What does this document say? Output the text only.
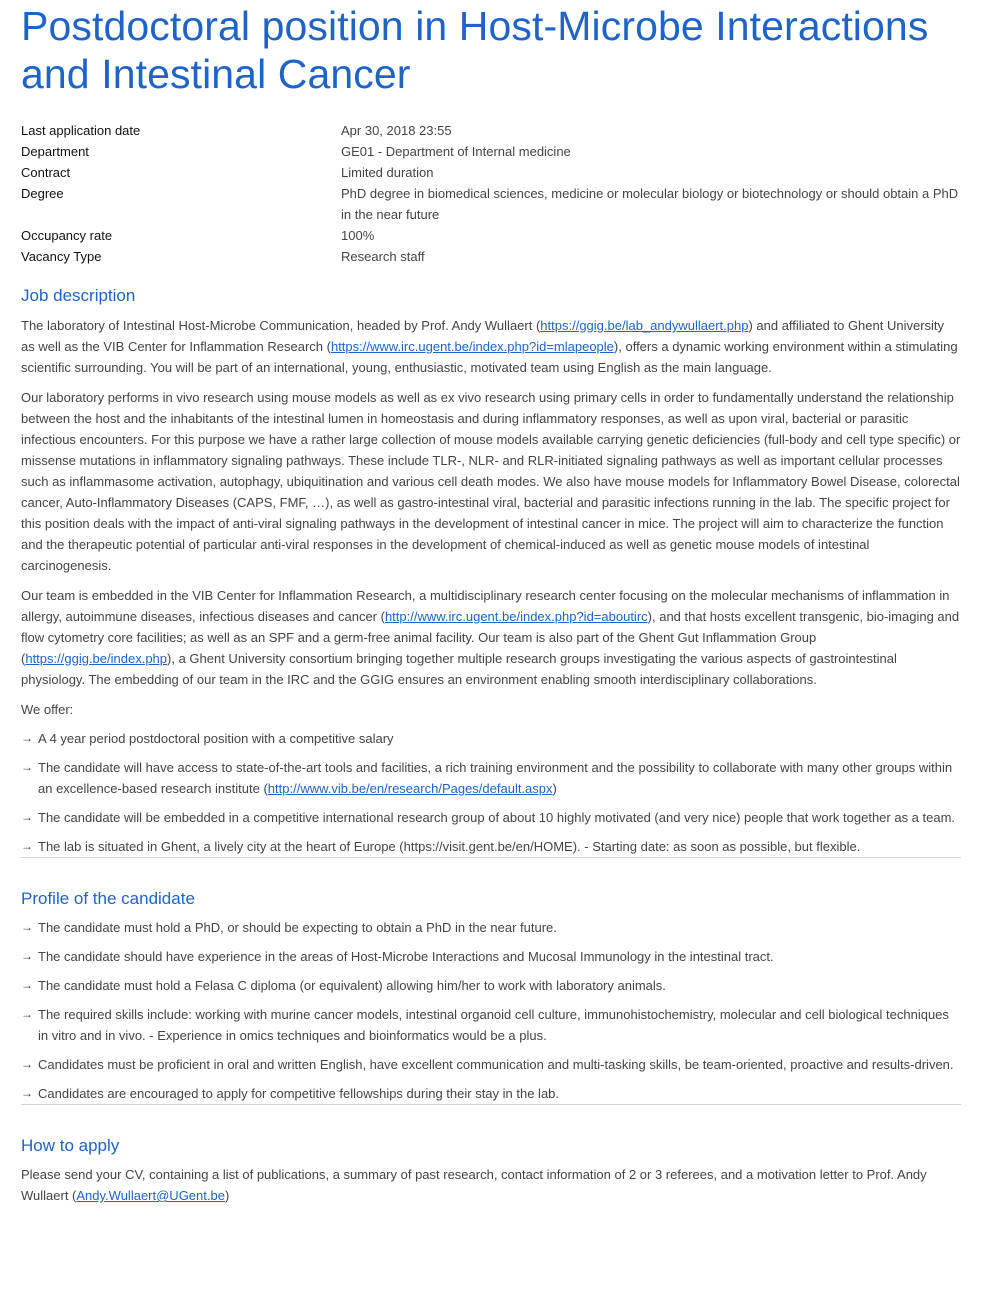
Postdoctoral position in Host-Microbe Interactions and Intestinal Cancer
Last application date	Apr 30, 2018 23:55
Department	GE01 - Department of Internal medicine
Contract	Limited duration
Degree	PhD degree in biomedical sciences, medicine or molecular biology or biotechnology or should obtain a PhD in the near future
Occupancy rate	100%
Vacancy Type	Research staff
Job description

The laboratory of Intestinal Host-Microbe Communication, headed by Prof. Andy Wullaert (https://ggig.be/lab_andywullaert.php) and affiliated to Ghent University as well as the VIB Center for Inflammation Research (https://www.irc.ugent.be/index.php?id=mlapeople), offers a dynamic working environment within a stimulating scientific surrounding. You will be part of an international, young, enthusiastic, motivated team using English as the main language.

Our laboratory performs in vivo research using mouse models as well as ex vivo research using primary cells in order to fundamentally understand the relationship between the host and the inhabitants of the intestinal lumen in homeostasis and during inflammatory responses, as well as upon viral, bacterial or parasitic infectious encounters. For this purpose we have a rather large collection of mouse models available carrying genetic deficiencies (full-body and cell type specific) or missense mutations in inflammatory signaling pathways. These include TLR-, NLR- and RLR-initiated signaling pathways as well as important cellular processes such as inflammasome activation, autophagy, ubiquitination and various cell death modes. We also have mouse models for Inflammatory Bowel Disease, colorectal cancer, Auto-Inflammatory Diseases (CAPS, FMF, …), as well as gastro-intestinal viral, bacterial and parasitic infections running in the lab. The specific project for this position deals with the impact of anti-viral signaling pathways in the development of intestinal cancer in mice. The project will aim to characterize the function and the therapeutic potential of particular anti-viral responses in the development of chemical-induced as well as genetic mouse models of intestinal carcinogenesis.

Our team is embedded in the VIB Center for Inflammation Research, a multidisciplinary research center focusing on the molecular mechanisms of inflammation in allergy, autoimmune diseases, infectious diseases and cancer (http://www.irc.ugent.be/index.php?id=aboutirc), and that hosts excellent transgenic, bio-imaging and flow cytometry core facilities; as well as an SPF and a germ-free animal facility. Our team is also part of the Ghent Gut Inflammation Group (https://ggig.be/index.php), a Ghent University consortium bringing together multiple research groups investigating the various aspects of gastrointestinal physiology. The embedding of our team in the IRC and the GGIG ensures an environment enabling smooth interdisciplinary collaborations.

We offer:

→ A 4 year period postdoctoral position with a competitive salary
→ The candidate will have access to state-of-the-art tools and facilities, a rich training environment and the possibility to collaborate with many other groups within an excellence-based research institute (http://www.vib.be/en/research/Pages/default.aspx)
→ The candidate will be embedded in a competitive international research group of about 10 highly motivated (and very nice) people that work together as a team.
→ The lab is situated in Ghent, a lively city at the heart of Europe (https://visit.gent.be/en/HOME). - Starting date: as soon as possible, but flexible.
Profile of the candidate
→ The candidate must hold a PhD, or should be expecting to obtain a PhD in the near future.
→ The candidate should have experience in the areas of Host-Microbe Interactions and Mucosal Immunology in the intestinal tract.
→ The candidate must hold a Felasa C diploma (or equivalent) allowing him/her to work with laboratory animals.
→ The required skills include: working with murine cancer models, intestinal organoid cell culture, immunohistochemistry, molecular and cell biological techniques in vitro and in vivo. - Experience in omics techniques and bioinformatics would be a plus.
→ Candidates must be proficient in oral and written English, have excellent communication and multi-tasking skills, be team-oriented, proactive and results-driven.
→ Candidates are encouraged to apply for competitive fellowships during their stay in the lab.
How to apply

Please send your CV, containing a list of publications, a summary of past research, contact information of 2 or 3 referees, and a motivation letter to Prof. Andy Wullaert (Andy.Wullaert@UGent.be)
